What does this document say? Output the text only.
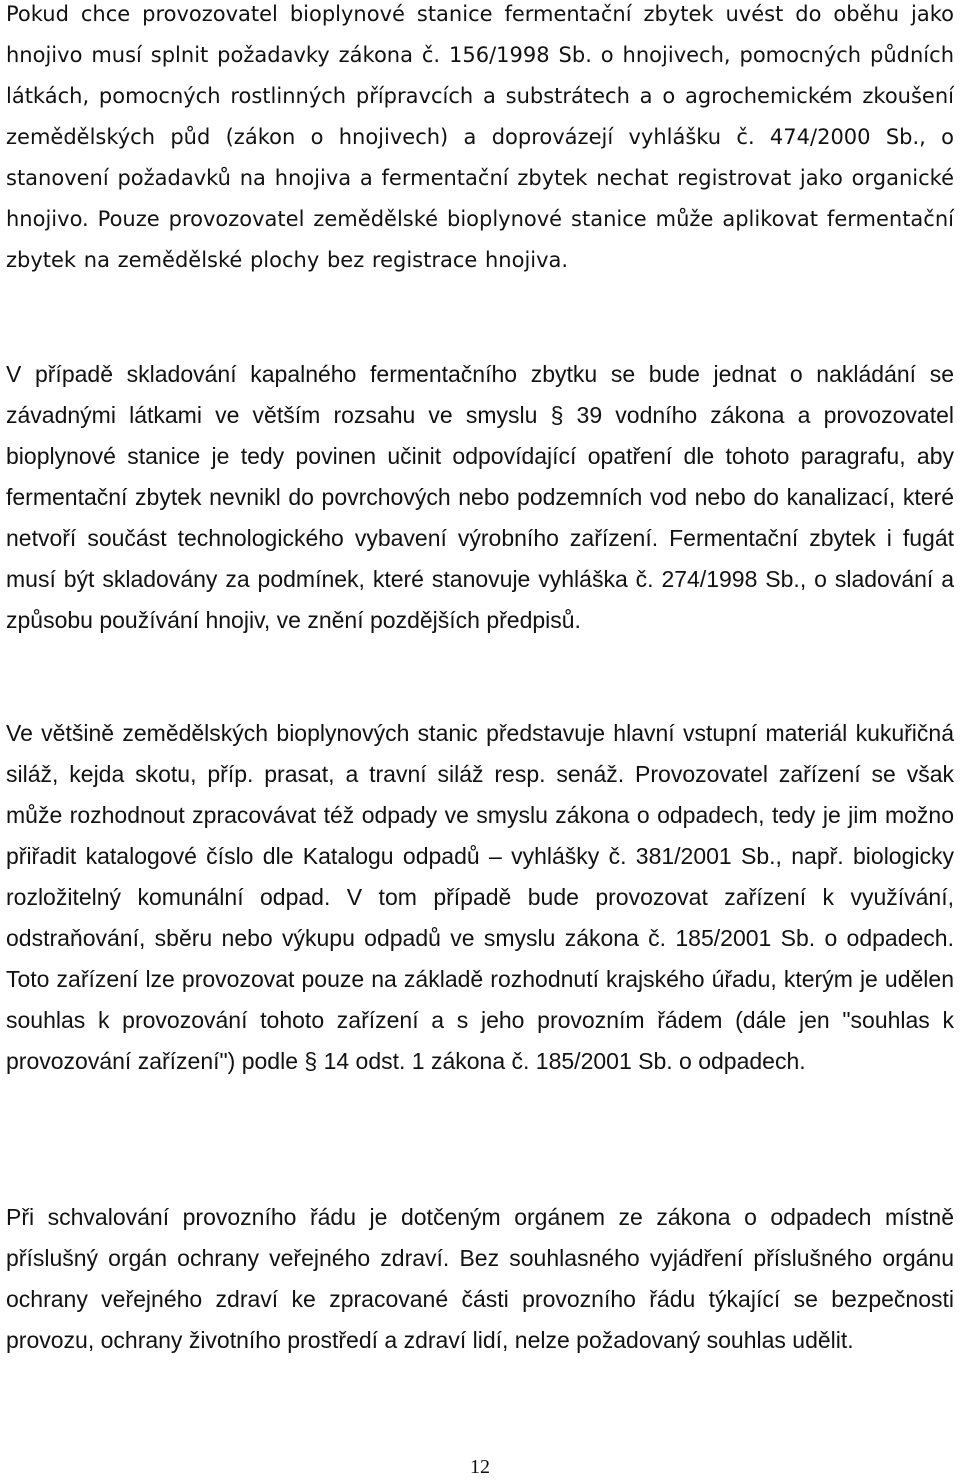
Pokud chce provozovatel bioplynové stanice fermentační zbytek uvést do oběhu jako hnojivo musí splnit požadavky zákona č. 156/1998 Sb. o hnojivech, pomocných půdních látkách, pomocných rostlinných přípravcích a substrátech a o agrochemickém zkoušení zemědělských půd (zákon o hnojivech) a doprovázejí vyhlášku č. 474/2000 Sb., o stanovení požadavků na hnojiva a fermentační zbytek nechat registrovat jako organické hnojivo. Pouze provozovatel zemědělské bioplynové stanice může aplikovat fermentační zbytek na zemědělské plochy bez registrace hnojiva.

V případě skladování kapalného fermentačního zbytku se bude jednat o nakládání se závadnými látkami ve větším rozsahu ve smyslu § 39 vodního zákona a provozovatel bioplynové stanice je tedy povinen učinit odpovídající opatření dle tohoto paragrafu, aby fermentační zbytek nevnikl do povrchových nebo podzemních vod nebo do kanalizací, které netvoří součást technologického vybavení výrobního zařízení. Fermentační zbytek i fugát musí být skladovány za podmínek, které stanovuje vyhláška č. 274/1998 Sb., o sladování a způsobu používání hnojiv, ve znění pozdějších předpisů.

Ve většině zemědělských bioplynových stanic představuje hlavní vstupní materiál kukuřičná siláž, kejda skotu, příp. prasat, a travní siláž resp. senáž. Provozovatel zařízení se však může rozhodnout zpracovávat též odpady ve smyslu zákona o odpadech, tedy je jim možno přiřadit katalogové číslo dle Katalogu odpadů – vyhlášky č. 381/2001 Sb., např. biologicky rozložitelný komunální odpad. V tom případě bude provozovat zařízení k využívání, odstraňování, sběru nebo výkupu odpadů ve smyslu zákona č. 185/2001 Sb. o odpadech. Toto zařízení lze provozovat pouze na základě rozhodnutí krajského úřadu, kterým je udělen souhlas k provozování tohoto zařízení a s jeho provozním řádem (dále jen "souhlas k provozování zařízení") podle § 14 odst. 1 zákona č. 185/2001 Sb. o odpadech.

Při schvalování provozního řádu je dotčeným orgánem ze zákona o odpadech místně příslušný orgán ochrany veřejného zdraví. Bez souhlasného vyjádření příslušného orgánu ochrany veřejného zdraví ke zpracované části provozního řádu týkající se bezpečnosti provozu, ochrany životního prostředí a zdraví lidí, nelze požadovaný souhlas udělit.

12
